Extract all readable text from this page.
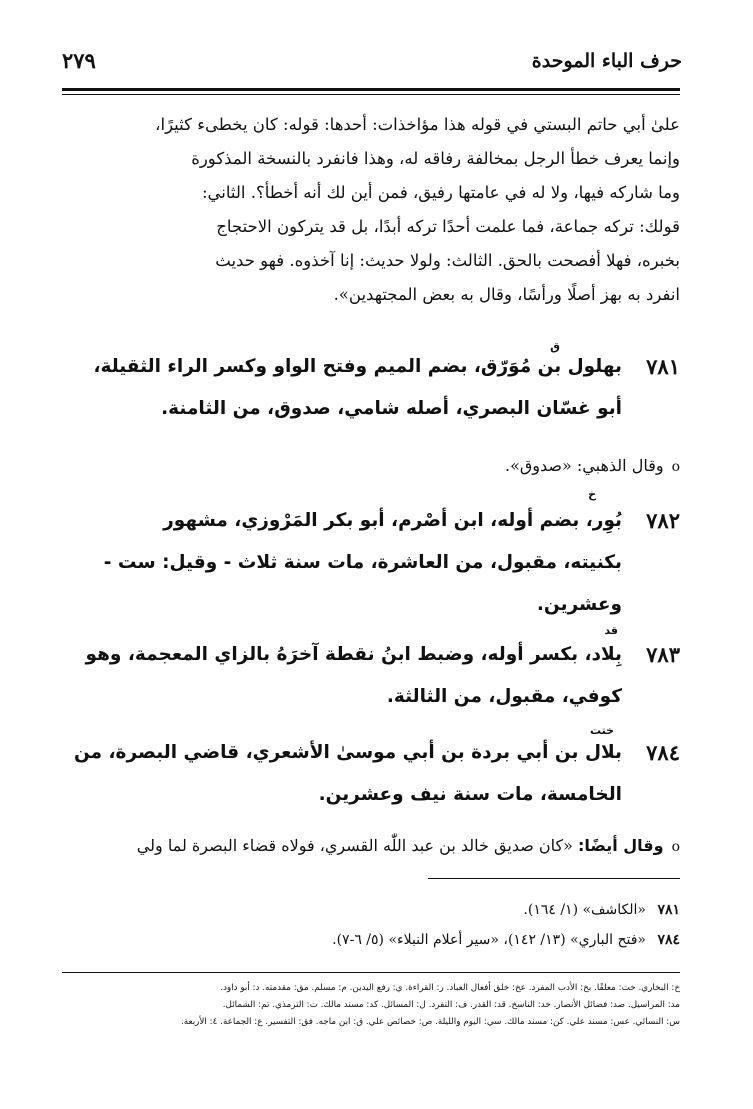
حرف الباء الموحدة
٢٧٩

علىٰ أبي حاتم البستي في قوله هذا مؤاخذات: أحدها: قوله: كان يخطىء كثيرًا،

وإنما يعرف خطأ الرجل بمخالفة رفاقه له، وهذا فانفرد بالنسخة المذكورة

وما شاركه فيها، ولا له في عامتها رفيق، فمن أين لك أنه أخطأ؟. الثاني:

قولك: تركه جماعة، فما علمت أحدًا تركه أبدًا، بل قد يتركون الاحتجاج

بخبره، فهلا أفصحت بالحق. الثالث: ولولا حديث: إنا آخذوه. فهو حديث

انفرد به بهز أصلًا ورأسًا، وقال به بعض المجتهدين».

٧٨١
ق
بهلول بن مُوَرّق، بضم الميم وفتح الواو وكسر الراء الثقيلة،
أبو غسّان البصري، أصله شامي، صدوق، من الثامنة.
oوقال الذهبي: «صدوق».
٧٨٢
خ
بُوِر، بضم أوله، ابن أصْرم، أبو بكر المَرْوزي، مشهور
بكنيته، مقبول، من العاشرة، مات سنة ثلاث - وقيل: ست -
وعشرين.
٧٨٣
قد
بِلاد، بكسر أوله، وضبط ابنُ نقطة آخرَهُ بالزاي المعجمة، وهو
كوفي، مقبول، من الثالثة.
٧٨٤
ختت
بلال بن أبي بردة بن أبي موسىٰ الأشعري، قاضي البصرة، من
الخامسة، مات سنة نيف وعشرين.
oوقال أيضًا: «كان صديق خالد بن عبد اللّٰه القسري، فولاه قضاء البصرة لما ولي
٧٨١«الكاشف» (١/ ١٦٤).
٧٨٤«فتح الباري» (١٣/ ١٤٢)، «سير أعلام النبلاء» (٥/ ٦-٧).
خ: البخاري. خت: معلقًا. بخ: الأدب المفرد. عخ: خلق أفعال العباد. ر: القراءة. ي: رفع اليدين. م: مسلم. مق: مقدمته. د: أبو داود.
مد: المراسيل. صد: فضائل الأنصار. خد: الناسخ. قد: القدر. ف: التفرد. ل: المسائل. كد: مسند مالك. ت: الترمذي. تم: الشمائل.
س: النسائي. عس: مسند علي. كن: مسند مالك. سي: اليوم والليلة. ص: خصائص علي. ق: ابن ماجه. فق: التفسير. ع: الجماعة. ٤: الأربعة.
